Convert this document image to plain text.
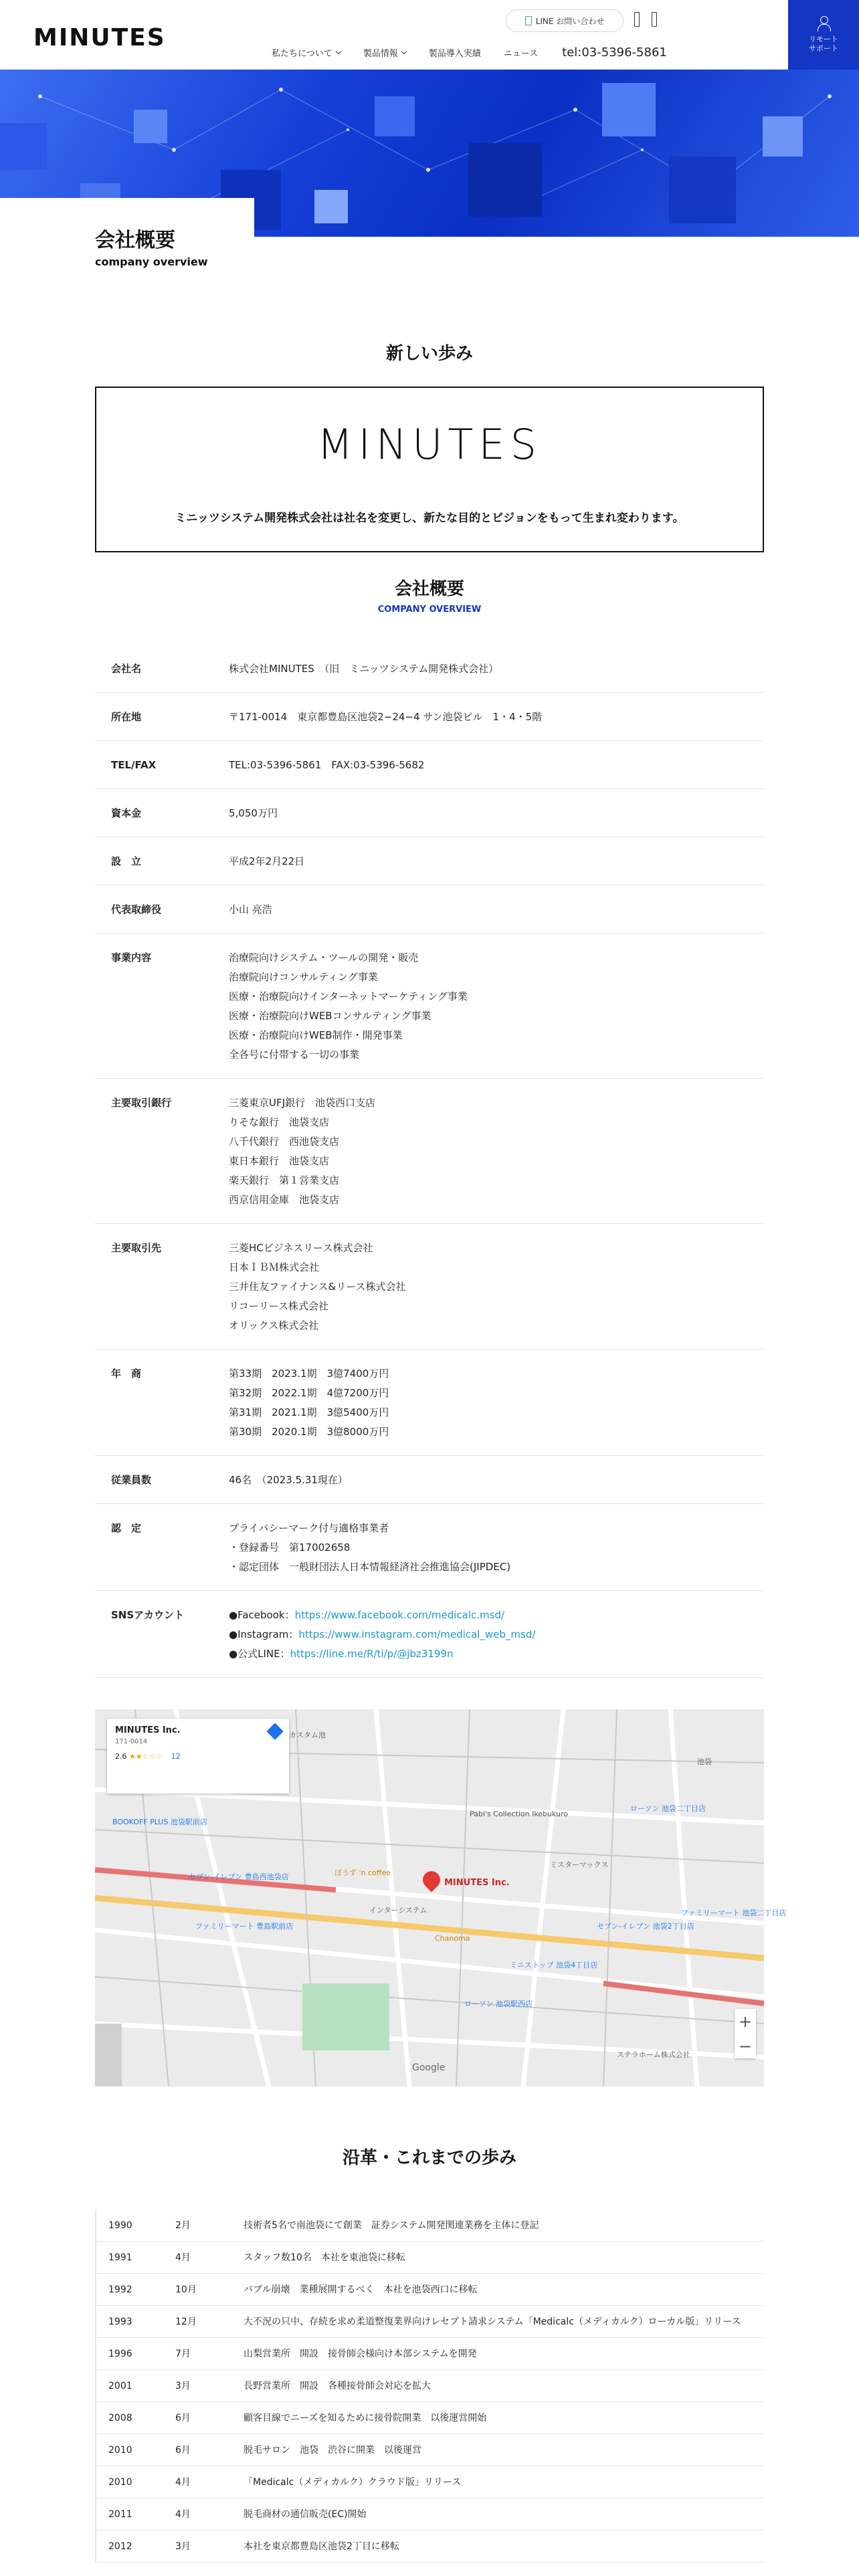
MINUTES
LINE お問い合わせ
私たちについて	製品情報	製品導入実績	ニュース tel:03-5396-5861
リモート
サポート
会社概要
company overview
新しい歩み
MINUTES
ミニッツシステム開発株式会社は社名を変更し、新たな目的とビジョンをもって生まれ変わります。
会社概要
COMPANY OVERVIEW
会社名	株式会社MINUTES　（旧　ミニッツシステム開発株式会社）
所在地	〒171-0014　東京都豊島区池袋2−24−4 サン池袋ビル　1・4・5階
TEL/FAX	TEL:03-5396-5861　FAX:03-5396-5682
資本金	5,050万円
設　立	平成2年2月22日
代表取締役	小山 亮浩
事業内容	治療院向けシステム・ツールの開発・販売
治療院向けコンサルティング事業
医療・治療院向けインターネットマーケティング事業
医療・治療院向けWEBコンサルティング事業
医療・治療院向けWEB制作・開発事業
全各号に付帯する一切の事業
主要取引銀行	三菱東京UFJ銀行　池袋西口支店
りそな銀行　池袋支店
八千代銀行　西池袋支店
東日本銀行　池袋支店
楽天銀行　第１営業支店
西京信用金庫　池袋支店
主要取引先	三菱HCビジネスリース株式会社
日本ＩＢＭ株式会社
三井住友ファイナンス&リース株式会社
リコーリース株式会社
オリックス株式会社
年　商	第33期　2023.1期　3億7400万円
第32期　2022.1期　4億7200万円
第31期　2021.1期　3億5400万円
第30期　2020.1期　3億8000万円
従業員数	46名　（2023.5.31現在）
認　定	プライバシーマーク付与適格事業者
・登録番号　第17002658
・認定団体　一般財団法人日本情報経済社会推進協会(JIPDEC)
SNSアカウント	●Facebook：https://www.facebook.com/medicalc.msd/
●Instagram：https://www.instagram.com/medical_web_msd/
●公式LINE：https://line.me/R/ti/p/@jbz3199n
MINUTES Inc.
171-0014
2.6 ★★☆☆☆ 12
MINUTES Inc.
カスタム池
Pabi's Collection Ikebukuro
ローソン 池袋二丁目店
ぽうず 'n coffee
BOOKOFF PLUS 池袋駅前店
セブン-イレブン 豊島西池袋店
ファミリーマート 豊島駅前店
インターシステム
Chanoma
セブン-イレブン 池袋2丁目店
ミニストップ 池袋4丁目店
ローソン 池袋駅西店
ステラホーム株式会社
ファミリーマート 池袋二丁目店
ミスターマックス
池袋
Google
+
−
沿革・これまでの歩み
1990	2月	技術者5名で南池袋にて創業　証券システム開発関連業務を主体に登記
1991	4月	スタッフ数10名　本社を東池袋に移転
1992	10月	バブル崩壊　業種展開するべく　本社を池袋西口に移転
1993	12月	大不況の只中、存続を求め柔道整復業界向けレセプト請求システム「Medicalc（メディカルク）ローカル版」リリース
1996	7月	山梨営業所　開設　接骨師会様向け本部システムを開発
2001	3月	長野営業所　開設　各種接骨師会対応を拡大
2008	6月	顧客目線でニーズを知るために接骨院開業　以後運営開始
2010	6月	脱毛サロン　池袋　渋谷に開業　以後運営
2010	4月	「Medicalc（メディカルク）クラウド版」リリース
2011	4月	脱毛商材の通信販売(EC)開始
2012	3月	本社を東京都豊島区池袋2丁目に移転
